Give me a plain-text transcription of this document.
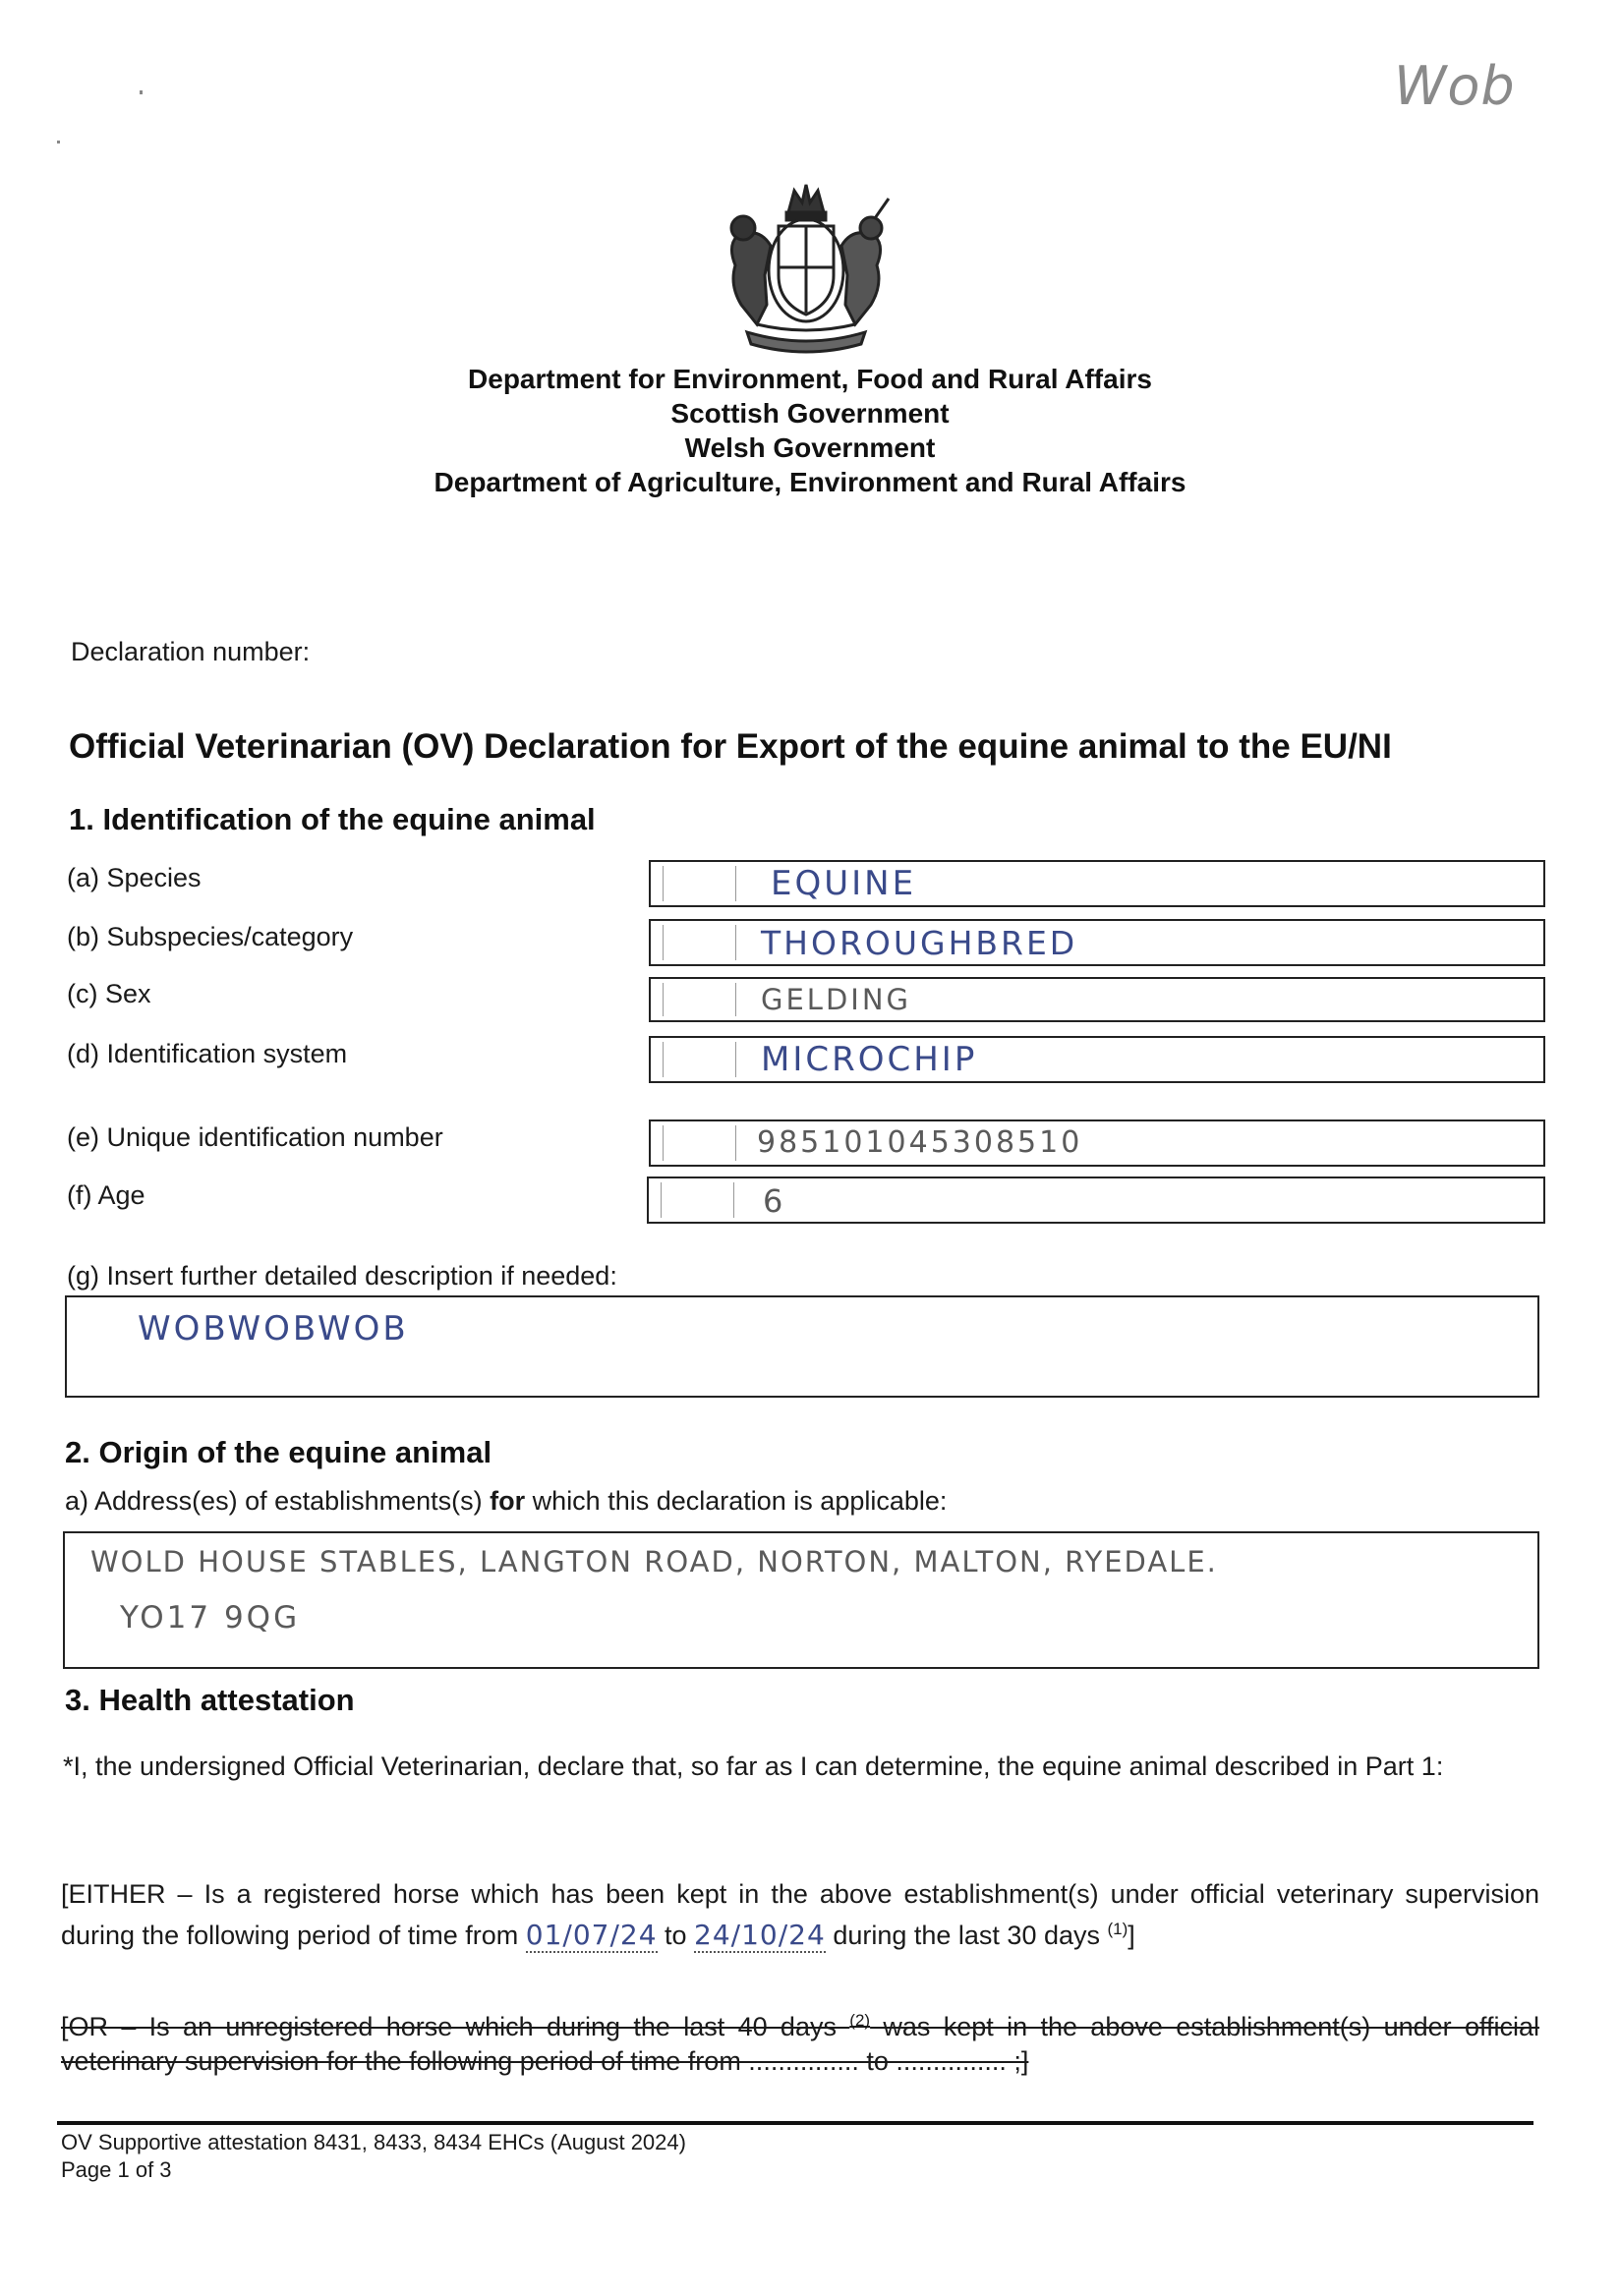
Wob
Department for Environment, Food and Rural Affairs
Scottish Government
Welsh Government
Department of Agriculture, Environment and Rural Affairs
Declaration number:
Official Veterinarian (OV) Declaration for Export of the equine animal to the EU/NI
1. Identification of the equine animal
(a) Species	EQUINE
(b) Subspecies/category	THOROUGHBRED
(c) Sex	GELDING
(d) Identification system	MICROCHIP
(e) Unique identification number	985101045308510
(f) Age	6
(g) Insert further detailed description if needed:
WOBWOBWOB
2. Origin of the equine animal
a) Address(es) of establishments(s) for which this declaration is applicable:
WOLD HOUSE STABLES, LANGTON ROAD, NORTON, MALTON, RYEDALE.
YO17 9QG
3. Health attestation
*I, the undersigned Official Veterinarian, declare that, so far as I can determine, the equine animal described in Part 1:
[EITHER – Is a registered horse which has been kept in the above establishment(s) under official veterinary supervision during the following period of time from 01/07/24 to 24/10/24 during the last 30 days $^{(1)}$]
[OR – Is an unregistered horse which during the last 40 days $^{(2)}$ was kept in the above establishment(s) under official veterinary supervision for the following period of time from ............... to ............... ;]
OV Supportive attestation 8431, 8433, 8434 EHCs (August 2024)
Page 1 of 3
